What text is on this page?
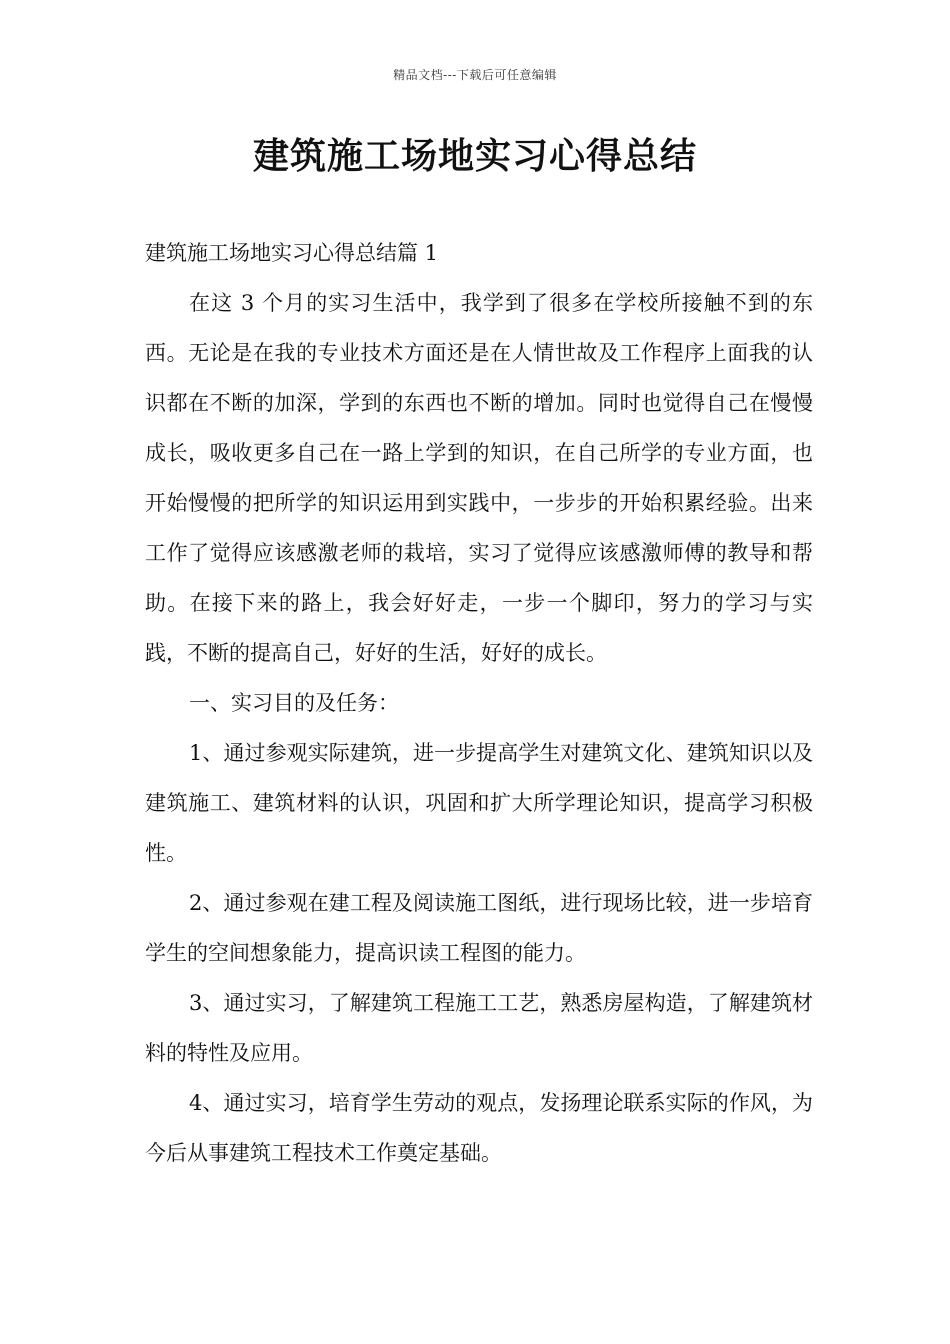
精品文档---下载后可任意编辑
建筑施工场地实习心得总结

建筑施工场地实习心得总结篇 1

在这 3 个月的实习生活中，我学到了很多在学校所接触不到的东西。无论是在我的专业技术方面还是在人情世故及工作程序上面我的认识都在不断的加深，学到的东西也不断的增加。同时也觉得自己在慢慢成长，吸收更多自己在一路上学到的知识，在自己所学的专业方面，也开始慢慢的把所学的知识运用到实践中，一步步的开始积累经验。出来工作了觉得应该感激老师的栽培，实习了觉得应该感激师傅的教导和帮助。在接下来的路上，我会好好走，一步一个脚印，努力的学习与实践，不断的提高自己，好好的生活，好好的成长。

一、实习目的及任务：

1、通过参观实际建筑，进一步提高学生对建筑文化、建筑知识以及建筑施工、建筑材料的认识，巩固和扩大所学理论知识，提高学习积极性。

2、通过参观在建工程及阅读施工图纸，进行现场比较，进一步培育学生的空间想象能力，提高识读工程图的能力。

3、通过实习，了解建筑工程施工工艺，熟悉房屋构造，了解建筑材料的特性及应用。

4、通过实习，培育学生劳动的观点，发扬理论联系实际的作风，为今后从事建筑工程技术工作奠定基础。
